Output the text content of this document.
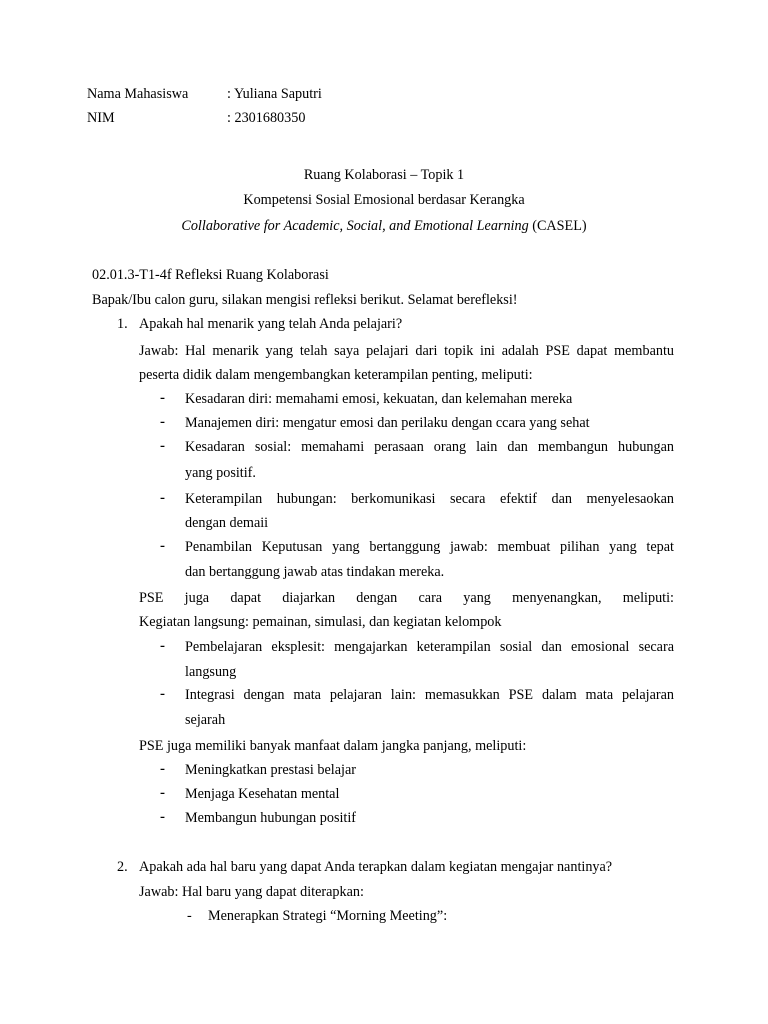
Nama Mahasiswa	: Yuliana Saputri
NIM	: 2301680350
Ruang Kolaborasi – Topik 1
Kompetensi Sosial Emosional berdasar Kerangka
Collaborative for Academic, Social, and Emotional Learning (CASEL)
02.01.3-T1-4f Refleksi Ruang Kolaborasi
Bapak/Ibu calon guru, silakan mengisi refleksi berikut. Selamat berefleksi!
1. Apakah hal menarik yang telah Anda pelajari?
Jawab: Hal menarik yang telah saya pelajari dari topik ini adalah PSE dapat membantu
peserta didik dalam mengembangkan keterampilan penting, meliputi:
- Kesadaran diri: memahami emosi, kekuatan, dan kelemahan mereka
- Manajemen diri: mengatur emosi dan perilaku dengan ccara yang sehat
- Kesadaran sosial: memahami perasaan orang lain dan membangun hubungan
yang positif.
- Keterampilan hubungan: berkomunikasi secara efektif dan menyelesaokan
dengan demaii
- Penambilan Keputusan yang bertanggung jawab: membuat pilihan yang tepat
dan bertanggung jawab atas tindakan mereka.
PSE juga dapat diajarkan dengan cara yang menyenangkan, meliputi:
Kegiatan langsung: pemainan, simulasi, dan kegiatan kelompok
- Pembelajaran eksplesit: mengajarkan keterampilan sosial dan emosional secara
langsung
- Integrasi dengan mata pelajaran lain: memasukkan PSE dalam mata pelajaran
sejarah
PSE juga memiliki banyak manfaat dalam jangka panjang, meliputi:
- Meningkatkan prestasi belajar
- Menjaga Kesehatan mental
- Membangun hubungan positif
2. Apakah ada hal baru yang dapat Anda terapkan dalam kegiatan mengajar nantinya?
Jawab: Hal baru yang dapat diterapkan:
- Menerapkan Strategi “Morning Meeting”:
